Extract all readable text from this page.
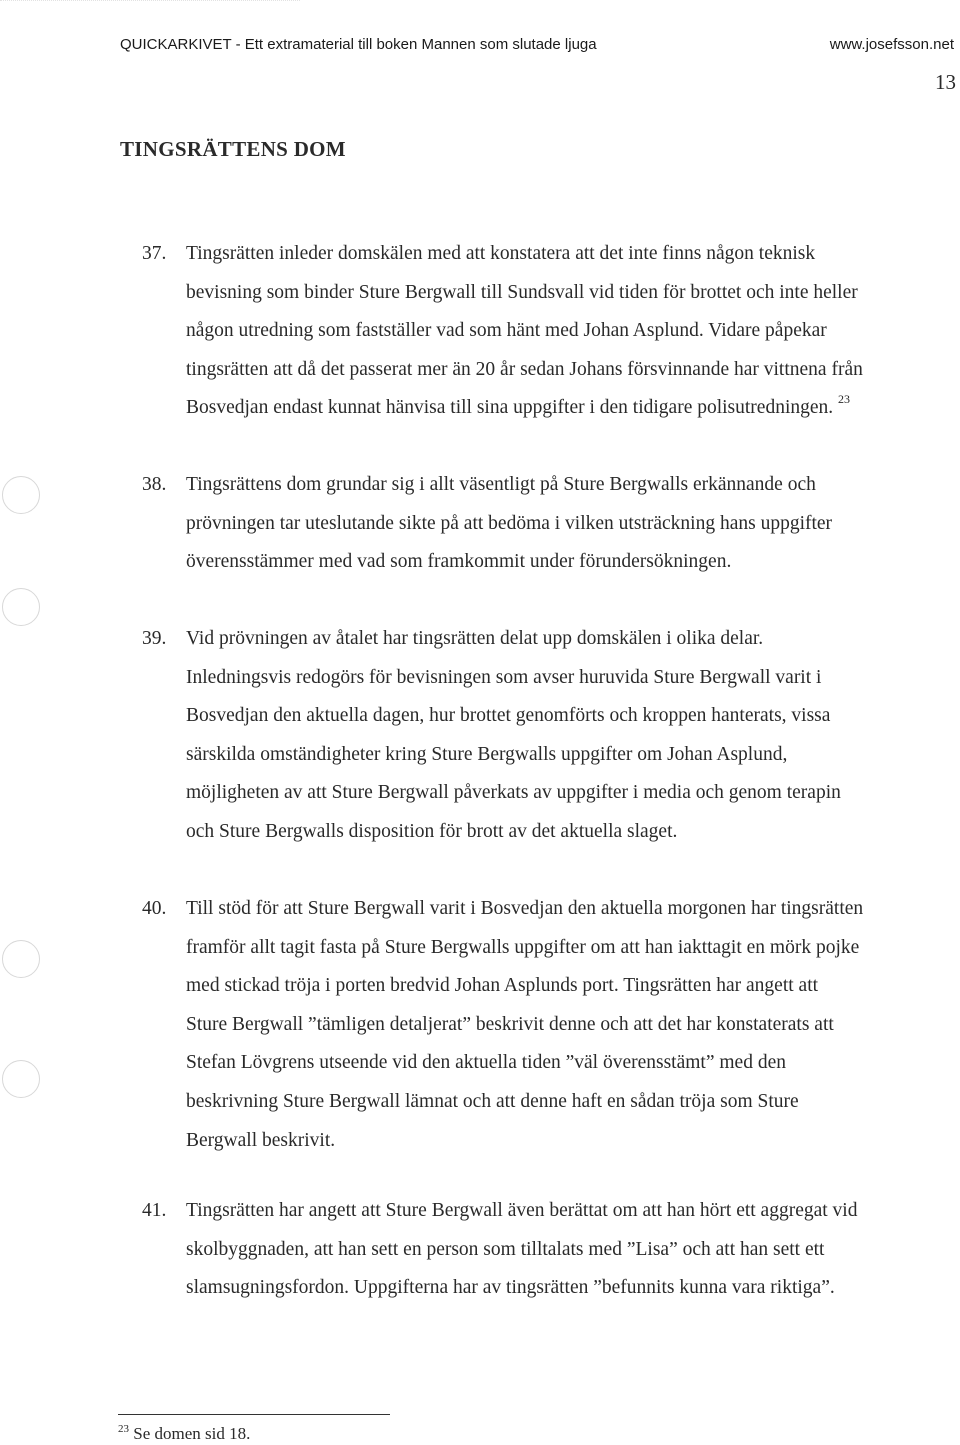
QUICKARKIVET - Ett extramaterial till boken Mannen som slutade ljuga	www.josefsson.net
13
TINGSRÄTTENS DOM
37. Tingsrätten inleder domskälen med att konstatera att det inte finns någon teknisk
bevisning som binder Sture Bergwall till Sundsvall vid tiden för brottet och inte heller
någon utredning som fastställer vad som hänt med Johan Asplund. Vidare påpekar
tingsrätten att då det passerat mer än 20 år sedan Johans försvinnande har vittnena från
Bosvedjan endast kunnat hänvisa till sina uppgifter i den tidigare polisutredningen. $^{23}$
38. Tingsrättens dom grundar sig i allt väsentligt på Sture Bergwalls erkännande och
prövningen tar uteslutande sikte på att bedöma i vilken utsträckning hans uppgifter
överensstämmer med vad som framkommit under förundersökningen.
39. Vid prövningen av åtalet har tingsrätten delat upp domskälen i olika delar.
Inledningsvis redogörs för bevisningen som avser huruvida Sture Bergwall varit i
Bosvedjan den aktuella dagen, hur brottet genomförts och kroppen hanterats, vissa
särskilda omständigheter kring Sture Bergwalls uppgifter om Johan Asplund,
möjligheten av att Sture Bergwall påverkats av uppgifter i media och genom terapin
och Sture Bergwalls disposition för brott av det aktuella slaget.
40. Till stöd för att Sture Bergwall varit i Bosvedjan den aktuella morgonen har tingsrätten
framför allt tagit fasta på Sture Bergwalls uppgifter om att han iakttagit en mörk pojke
med stickad tröja i porten bredvid Johan Asplunds port. Tingsrätten har angett att
Sture Bergwall ”tämligen detaljerat” beskrivit denne och att det har konstaterats att
Stefan Lövgrens utseende vid den aktuella tiden ”väl överensstämt” med den
beskrivning Sture Bergwall lämnat och att denne haft en sådan tröja som Sture
Bergwall beskrivit.
41. Tingsrätten har angett att Sture Bergwall även berättat om att han hört ett aggregat vid
skolbyggnaden, att han sett en person som tilltalats med ”Lisa” och att han sett ett
slamsugningsfordon. Uppgifterna har av tingsrätten ”befunnits kunna vara riktiga”.
$^{23}$ Se domen sid 18.
